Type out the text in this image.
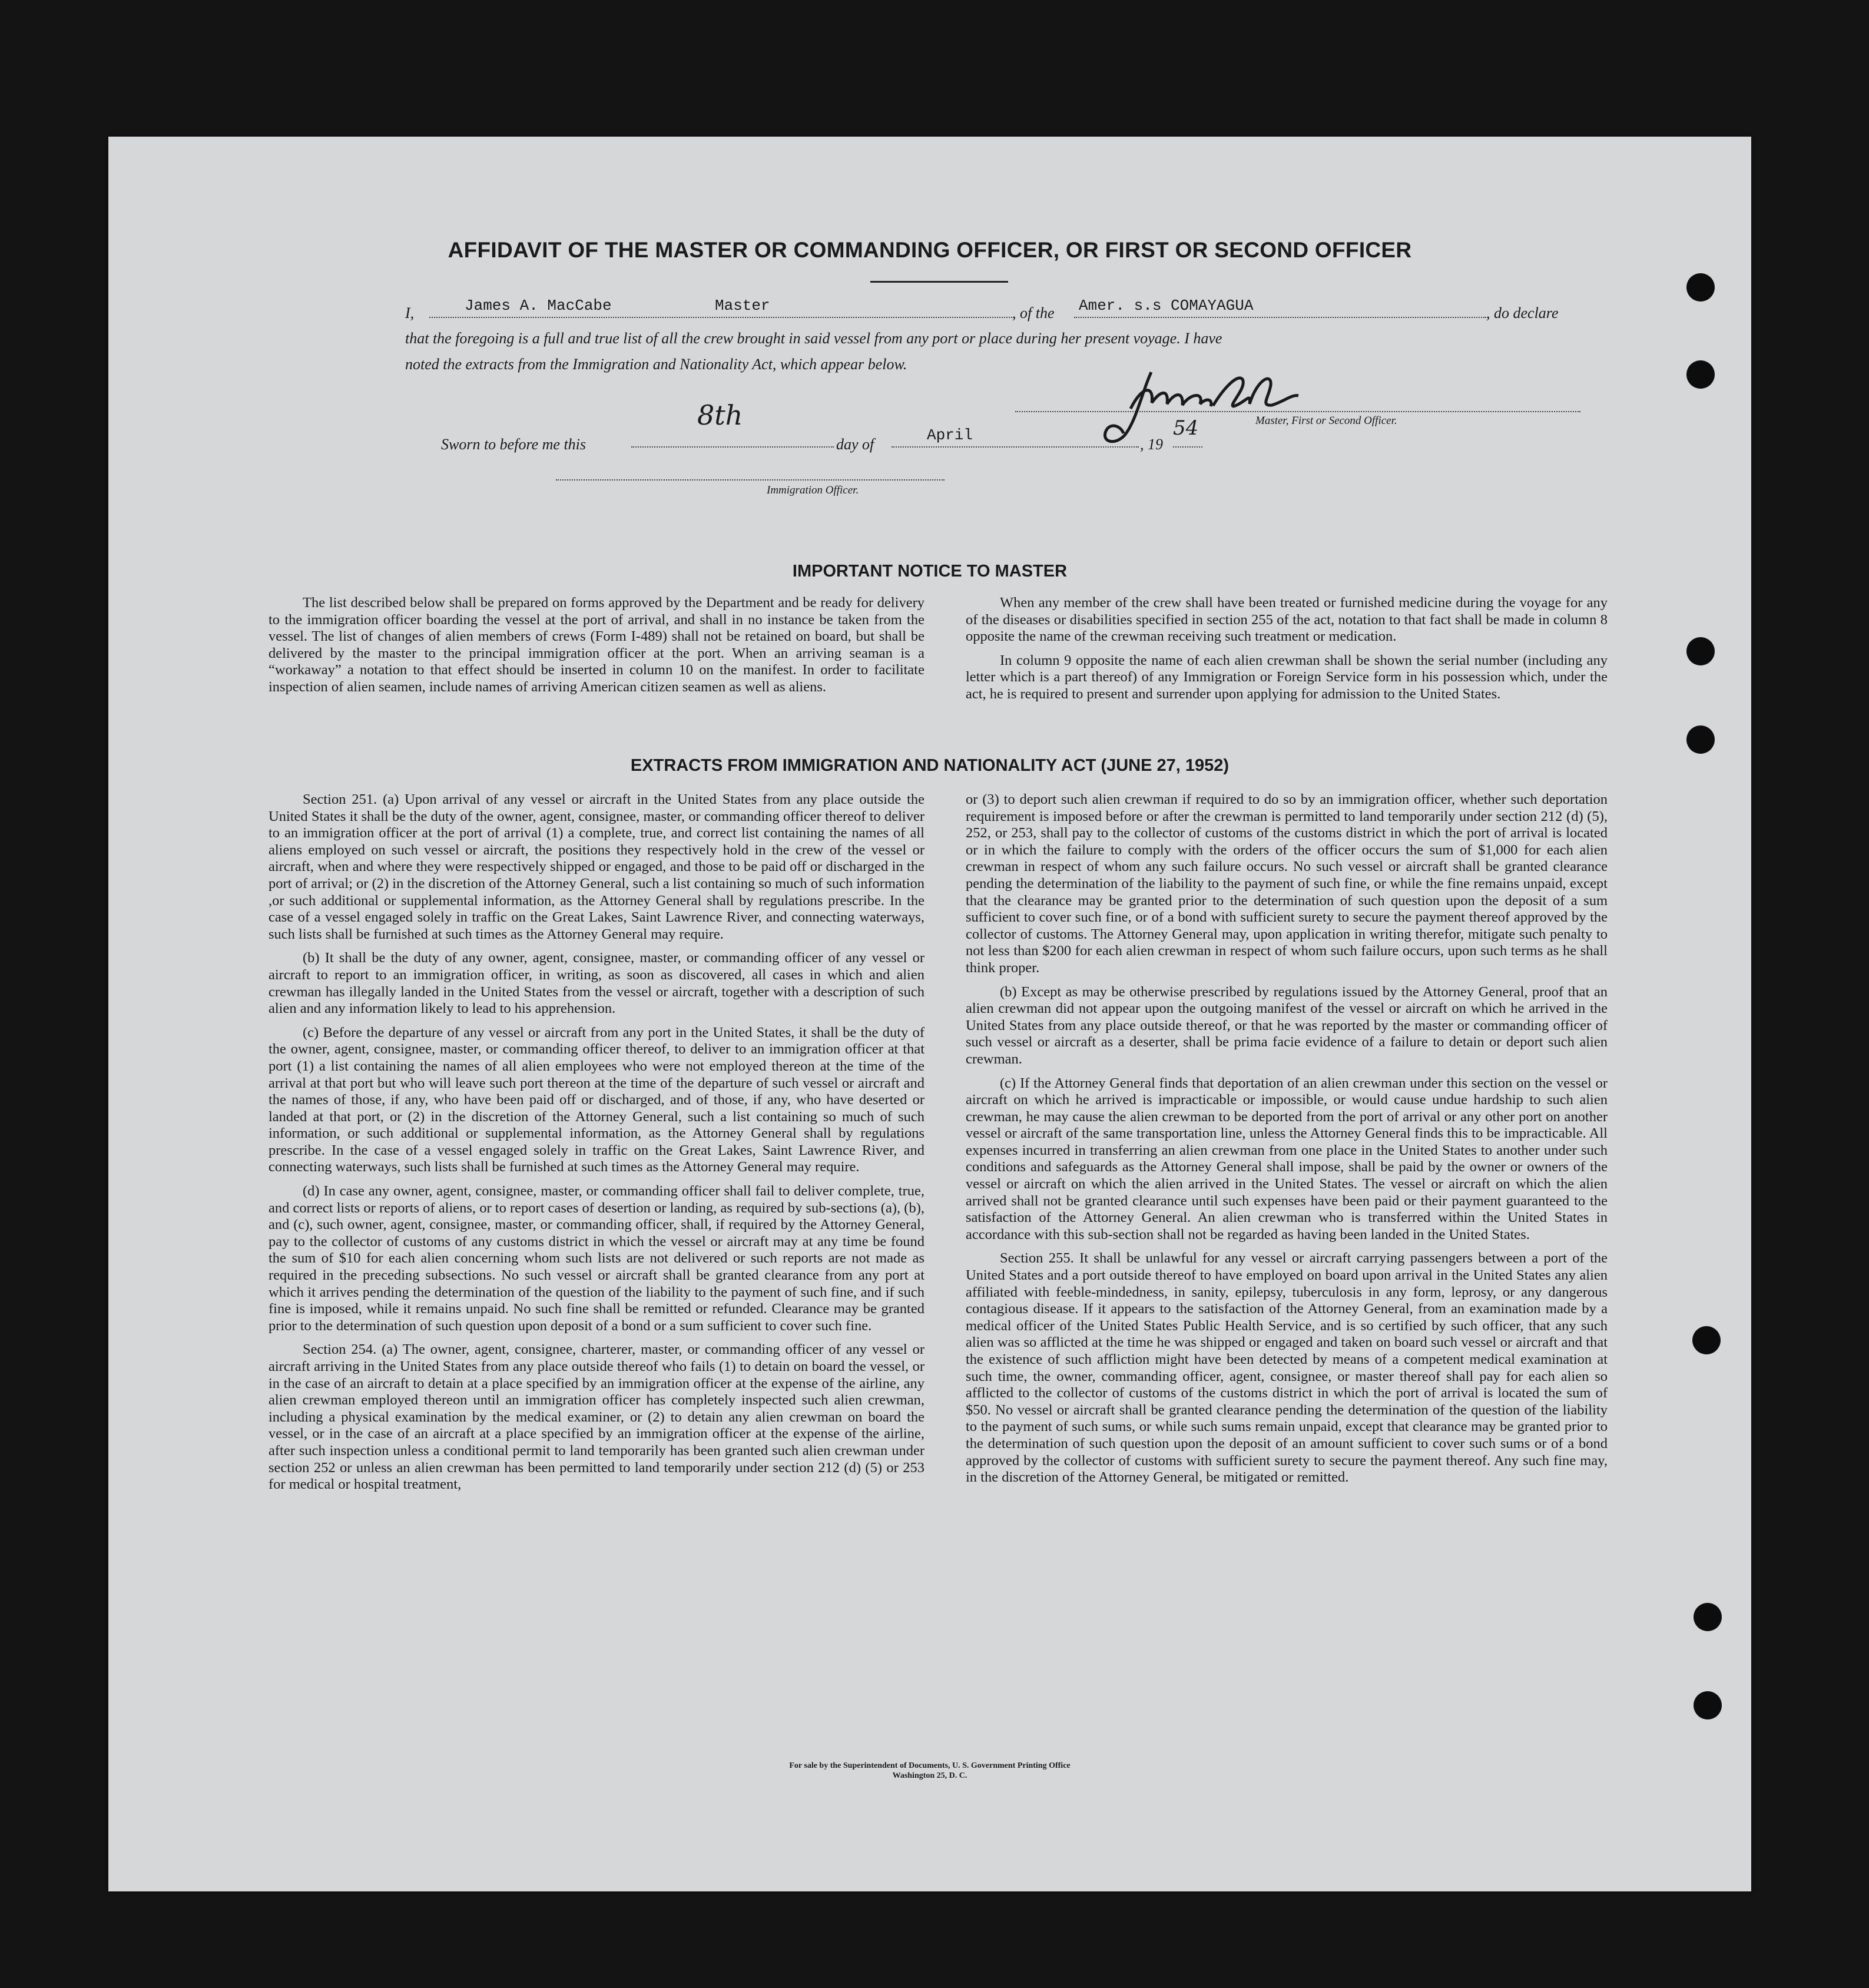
AFFIDAVIT OF THE MASTER OR COMMANDING OFFICER, OR FIRST OR SECOND OFFICER
I,	James A. MacCabe	Master	, of the Amer. s.s COMAYAGUA	, do declare
that the foregoing is a full and true list of all the crew brought in said vessel from any port or place during her present voyage. I have
noted the extracts from the Immigration and Nationality Act, which appear below.
Master, First or Second Officer.
Sworn to before me this
8th
day of
April
, 19
54
Immigration Officer.
IMPORTANT NOTICE TO MASTER

The list described below shall be prepared on forms approved by the Department and be ready for delivery to the immigration officer boarding the vessel at the port of arrival, and shall in no instance be taken from the vessel. The list of changes of alien members of crews (Form I-489) shall not be retained on board, but shall be delivered by the master to the principal immigration officer at the port. When an arriving seaman is a “workaway” a notation to that effect should be inserted in column 10 on the manifest. In order to facilitate inspection of alien seamen, include names of arriving American citizen seamen as well as aliens.

When any member of the crew shall have been treated or furnished medicine during the voyage for any of the diseases or disabilities specified in section 255 of the act, notation to that fact shall be made in column 8 opposite the name of the crewman receiving such treatment or medication.

In column 9 opposite the name of each alien crewman shall be shown the serial number (including any letter which is a part thereof) of any Immigration or Foreign Service form in his possession which, under the act, he is required to present and surrender upon applying for admission to the United States.

EXTRACTS FROM IMMIGRATION AND NATIONALITY ACT (JUNE 27, 1952)

Section 251. (a) Upon arrival of any vessel or aircraft in the United States from any place outside the United States it shall be the duty of the owner, agent, consignee, master, or commanding officer thereof to deliver to an immigration officer at the port of arrival (1) a complete, true, and correct list containing the names of all aliens employed on such vessel or aircraft, the positions they respectively hold in the crew of the vessel or aircraft, when and where they were respectively shipped or engaged, and those to be paid off or discharged in the port of arrival; or (2) in the discretion of the Attorney General, such a list containing so much of such information ,or such additional or supplemental information, as the Attorney General shall by regulations prescribe. In the case of a vessel engaged solely in traffic on the Great Lakes, Saint Lawrence River, and connecting waterways, such lists shall be furnished at such times as the Attorney General may require.

(b) It shall be the duty of any owner, agent, consignee, master, or commanding officer of any vessel or aircraft to report to an immigration officer, in writing, as soon as discovered, all cases in which and alien crewman has illegally landed in the United States from the vessel or aircraft, together with a description of such alien and any information likely to lead to his apprehension.

(c) Before the departure of any vessel or aircraft from any port in the United States, it shall be the duty of the owner, agent, consignee, master, or commanding officer thereof, to deliver to an immigration officer at that port (1) a list containing the names of all alien employees who were not employed thereon at the time of the arrival at that port but who will leave such port thereon at the time of the departure of such vessel or aircraft and the names of those, if any, who have been paid off or discharged, and of those, if any, who have deserted or landed at that port, or (2) in the discretion of the Attorney General, such a list containing so much of such information, or such additional or supplemental information, as the Attorney General shall by regulations prescribe. In the case of a vessel engaged solely in traffic on the Great Lakes, Saint Lawrence River, and connecting waterways, such lists shall be furnished at such times as the Attorney General may require.

(d) In case any owner, agent, consignee, master, or commanding officer shall fail to deliver complete, true, and correct lists or reports of aliens, or to report cases of desertion or landing, as required by sub-sections (a), (b), and (c), such owner, agent, consignee, master, or commanding officer, shall, if required by the Attorney General, pay to the collector of customs of any customs district in which the vessel or aircraft may at any time be found the sum of $10 for each alien concerning whom such lists are not delivered or such reports are not made as required in the preceding subsections. No such vessel or aircraft shall be granted clearance from any port at which it arrives pending the determination of the question of the liability to the payment of such fine, and if such fine is imposed, while it remains unpaid. No such fine shall be remitted or refunded. Clearance may be granted prior to the determination of such question upon deposit of a bond or a sum sufficient to cover such fine.

Section 254. (a) The owner, agent, consignee, charterer, master, or commanding officer of any vessel or aircraft arriving in the United States from any place outside thereof who fails (1) to detain on board the vessel, or in the case of an aircraft to detain at a place specified by an immigration officer at the expense of the airline, any alien crewman employed thereon until an immigration officer has completely inspected such alien crewman, including a physical examination by the medical examiner, or (2) to detain any alien crewman on board the vessel, or in the case of an aircraft at a place specified by an immigration officer at the expense of the airline, after such inspection unless a conditional permit to land temporarily has been granted such alien crewman under section 252 or unless an alien crewman has been permitted to land temporarily under section 212 (d) (5) or 253 for medical or hospital treatment,

or (3) to deport such alien crewman if required to do so by an immigration officer, whether such deportation requirement is imposed before or after the crewman is permitted to land temporarily under section 212 (d) (5), 252, or 253, shall pay to the collector of customs of the customs district in which the port of arrival is located or in which the failure to comply with the orders of the officer occurs the sum of $1,000 for each alien crewman in respect of whom any such failure occurs. No such vessel or aircraft shall be granted clearance pending the determination of the liability to the payment of such fine, or while the fine remains unpaid, except that the clearance may be granted prior to the determination of such question upon the deposit of a sum sufficient to cover such fine, or of a bond with sufficient surety to secure the payment thereof approved by the collector of customs. The Attorney General may, upon application in writing therefor, mitigate such penalty to not less than $200 for each alien crewman in respect of whom such failure occurs, upon such terms as he shall think proper.

(b) Except as may be otherwise prescribed by regulations issued by the Attorney General, proof that an alien crewman did not appear upon the outgoing manifest of the vessel or aircraft on which he arrived in the United States from any place outside thereof, or that he was reported by the master or commanding officer of such vessel or aircraft as a deserter, shall be prima facie evidence of a failure to detain or deport such alien crewman.

(c) If the Attorney General finds that deportation of an alien crewman under this section on the vessel or aircraft on which he arrived is impracticable or impossible, or would cause undue hardship to such alien crewman, he may cause the alien crewman to be deported from the port of arrival or any other port on another vessel or aircraft of the same transportation line, unless the Attorney General finds this to be impracticable. All expenses incurred in transferring an alien crewman from one place in the United States to another under such conditions and safeguards as the Attorney General shall impose, shall be paid by the owner or owners of the vessel or aircraft on which the alien arrived in the United States. The vessel or aircraft on which the alien arrived shall not be granted clearance until such expenses have been paid or their payment guaranteed to the satisfaction of the Attorney General. An alien crewman who is transferred within the United States in accordance with this sub-section shall not be regarded as having been landed in the United States.

Section 255. It shall be unlawful for any vessel or aircraft carrying passengers between a port of the United States and a port outside thereof to have employed on board upon arrival in the United States any alien affiliated with feeble-mindedness, in sanity, epilepsy, tuberculosis in any form, leprosy, or any dangerous contagious disease. If it appears to the satisfaction of the Attorney General, from an examination made by a medical officer of the United States Public Health Service, and is so certified by such officer, that any such alien was so afflicted at the time he was shipped or engaged and taken on board such vessel or aircraft and that the existence of such affliction might have been detected by means of a competent medical examination at such time, the owner, commanding officer, agent, consignee, or master thereof shall pay for each alien so afflicted to the collector of customs of the customs district in which the port of arrival is located the sum of $50. No vessel or aircraft shall be granted clearance pending the determination of the question of the liability to the payment of such sums, or while such sums remain unpaid, except that clearance may be granted prior to the determination of such question upon the deposit of an amount sufficient to cover such sums or of a bond approved by the collector of customs with sufficient surety to secure the payment thereof. Any such fine may, in the discretion of the Attorney General, be mitigated or remitted.

For sale by the Superintendent of Documents, U. S. Government Printing Office
Washington 25, D. C.
